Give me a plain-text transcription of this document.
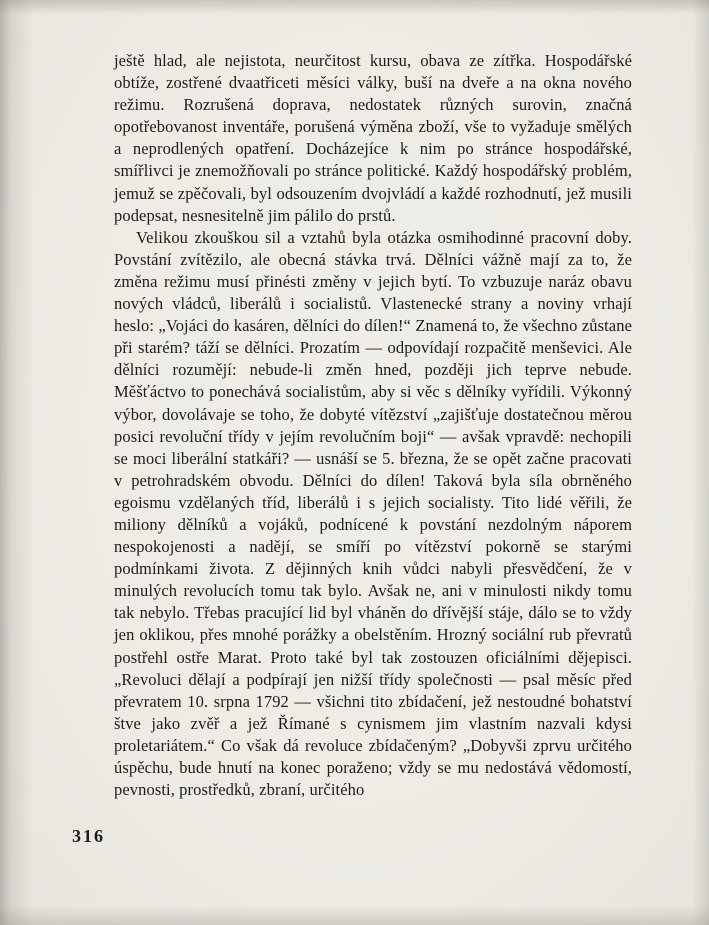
ještě hlad, ale nejistota, neurčitost kursu, obava ze zítřka. Hospodářské obtíže, zostřené dvaatřiceti měsíci války, buší na dveře a na okna nového režimu. Rozrušená doprava, nedostatek různých surovin, značná opotřebovanost inventáře, porušená výměna zboží, vše to vyžaduje smělých a neprodlených opatření. Docházejíce k nim po stránce hospodářské, smířlivci je znemožňovali po stránce politické. Každý hospodářský problém, jemuž se zpěčovali, byl odsouzením dvojvládí a každé rozhodnutí, jež musili podepsat, nesnesitelně jim pálilo do prstů.

Velikou zkouškou sil a vztahů byla otázka osmihodinné pracovní doby. Povstání zvítězilo, ale obecná stávka trvá. Dělníci vážně mají za to, že změna režimu musí přinésti změny v jejich bytí. To vzbuzuje naráz obavu nových vládců, liberálů i socialistů. Vlastenecké strany a noviny vrhají heslo: „Vojáci do kasáren, dělníci do dílen!“ Znamená to, že všechno zůstane při starém? táží se dělníci. Prozatím — odpovídají rozpačitě menševici. Ale dělníci rozumějí: nebude-li změn hned, později jich teprve nebude. Měšťáctvo to ponechává socialistům, aby si věc s dělníky vyřídili. Výkonný výbor, dovolávaje se toho, že dobyté vítězství „zajišťuje dostatečnou měrou posici revoluční třídy v jejím revolučním boji“ — avšak vpravdě: nechopili se moci liberální statkáři? — usnáší se 5. března, že se opět začne pracovati v petrohradském obvodu. Dělníci do dílen! Taková byla síla obrněného egoismu vzdělaných tříd, liberálů i s jejich socialisty. Tito lidé věřili, že miliony dělníků a vojáků, podnícené k povstání nezdolným náporem nespokojenosti a nadějí, se smíří po vítězství pokorně se starými podmínkami života. Z dějinných knih vůdci nabyli přesvědčení, že v minulých revolucích tomu tak bylo. Avšak ne, ani v minulosti nikdy tomu tak nebylo. Třebas pracující lid byl vháněn do dřívější stáje, dálo se to vždy jen oklikou, přes mnohé porážky a obelstěním. Hrozný sociální rub převratů postřehl ostře Marat. Proto také byl tak zostouzen oficiálními dějepisci. „Revoluci dělají a podpírají jen nižší třídy společnosti — psal měsíc před převratem 10. srpna 1792 — všichni tito zbídačení, jež nestoudné bohatství štve jako zvěř a jež Římané s cynismem jim vlastním nazvali kdysi proletariátem.“ Co však dá revoluce zbídačeným? „Dobyvši zprvu určitého úspěchu, bude hnutí na konec poraženo; vždy se mu nedostává vědomostí, pevnosti, prostředků, zbraní, určitého

316
